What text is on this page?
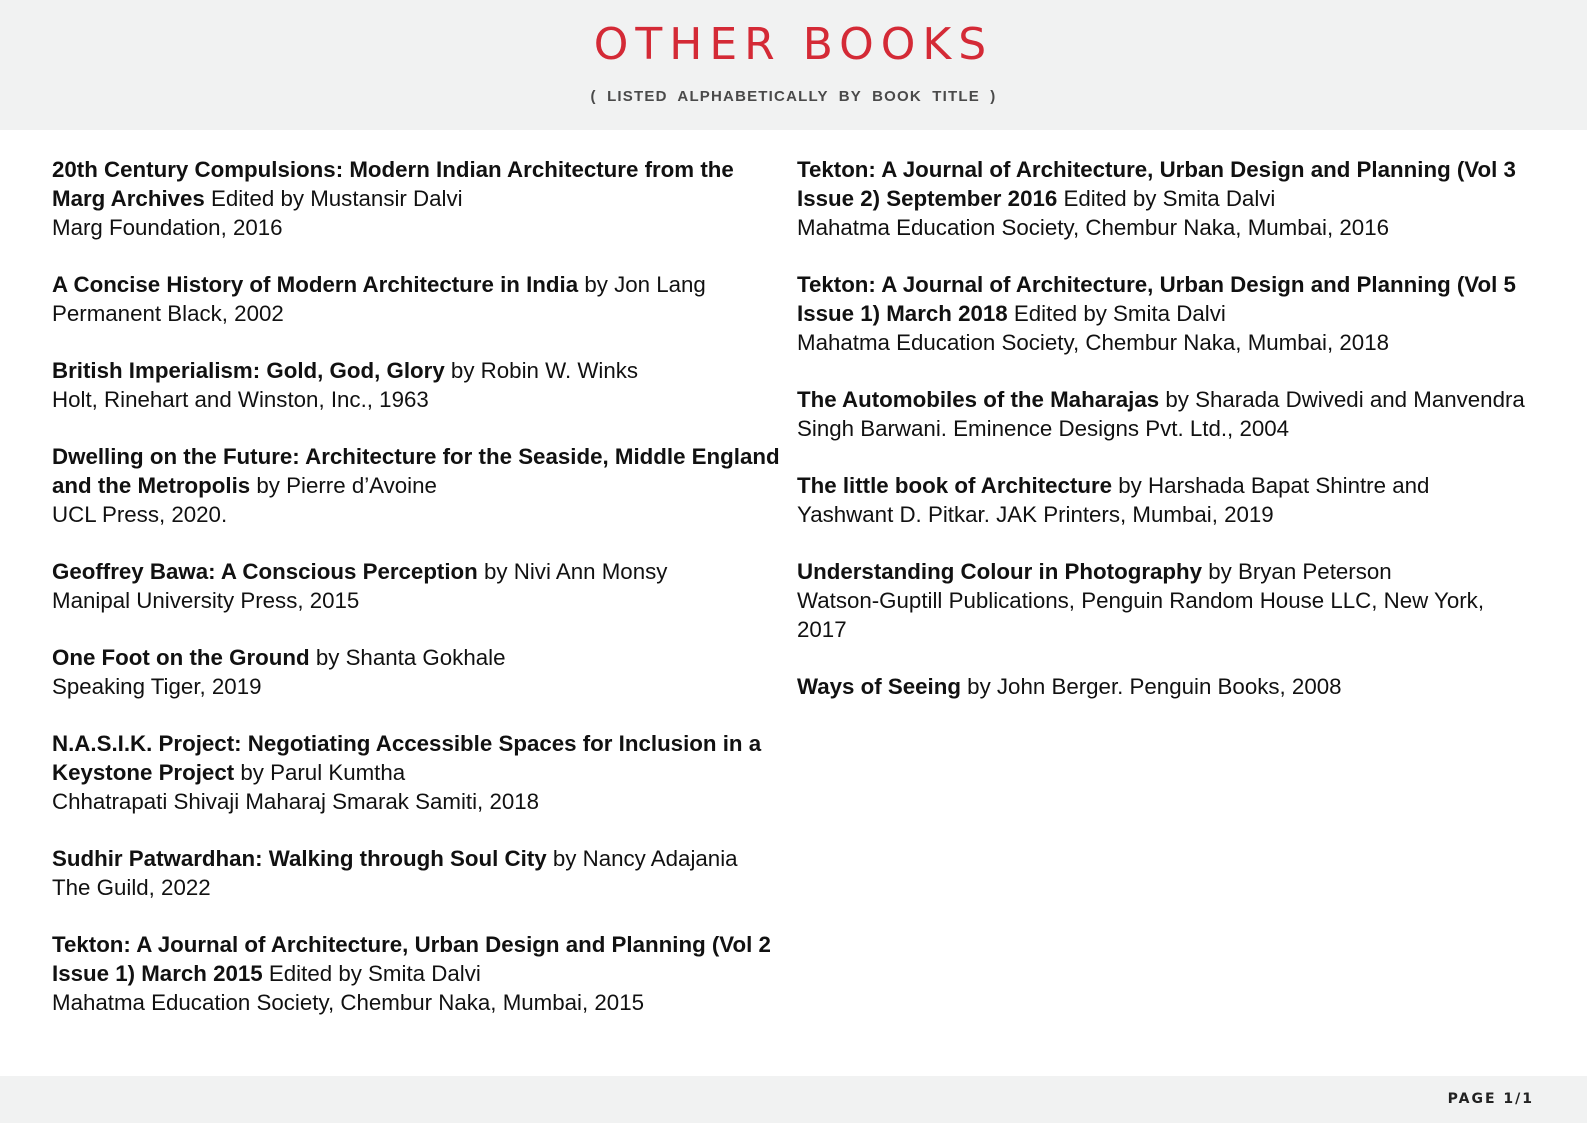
OTHER BOOKS
( LISTED ALPHABETICALLY BY BOOK TITLE )
20th Century Compulsions: Modern Indian Architecture from the Marg Archives Edited by Mustansir Dalvi
Marg Foundation, 2016
A Concise History of Modern Architecture in India by Jon Lang
Permanent Black, 2002
British Imperialism: Gold, God, Glory by Robin W. Winks
Holt, Rinehart and Winston, Inc., 1963
Dwelling on the Future: Architecture for the Seaside, Middle England and the Metropolis by Pierre d’Avoine
UCL Press, 2020.
Geoffrey Bawa: A Conscious Perception by Nivi Ann Monsy
Manipal University Press, 2015
One Foot on the Ground by Shanta Gokhale
Speaking Tiger, 2019
N.A.S.I.K. Project: Negotiating Accessible Spaces for Inclusion in a Keystone Project by Parul Kumtha
Chhatrapati Shivaji Maharaj Smarak Samiti, 2018
Sudhir Patwardhan: Walking through Soul City by Nancy Adajania
The Guild, 2022
Tekton: A Journal of Architecture, Urban Design and Planning (Vol 2 Issue 1) March 2015 Edited by Smita Dalvi
Mahatma Education Society, Chembur Naka, Mumbai, 2015
Tekton: A Journal of Architecture, Urban Design and Planning (Vol 3 Issue 2) September 2016 Edited by Smita Dalvi
Mahatma Education Society, Chembur Naka, Mumbai, 2016
Tekton: A Journal of Architecture, Urban Design and Planning (Vol 5 Issue 1) March 2018 Edited by Smita Dalvi
Mahatma Education Society, Chembur Naka, Mumbai, 2018
The Automobiles of the Maharajas by Sharada Dwivedi and Manvendra Singh Barwani. Eminence Designs Pvt. Ltd., 2004
The little book of Architecture by Harshada Bapat Shintre and Yashwant D. Pitkar. JAK Printers, Mumbai, 2019
Understanding Colour in Photography by Bryan Peterson
Watson-Guptill Publications, Penguin Random House LLC, New York, 2017
Ways of Seeing by John Berger. Penguin Books, 2008
PAGE 1/1
